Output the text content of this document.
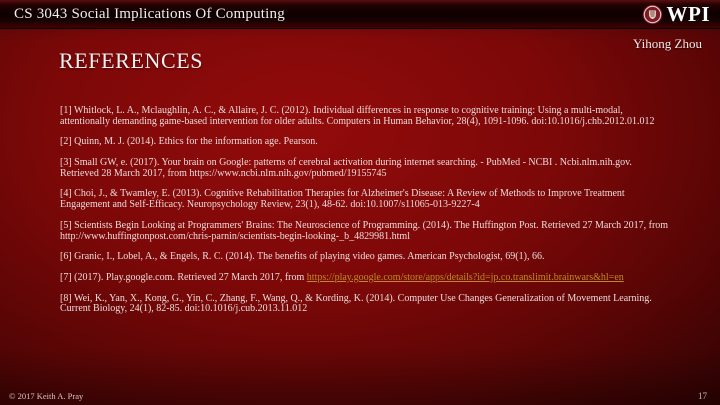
CS 3043 Social Implications Of Computing	WPI
Yihong Zhou
REFERENCES

[1] Whitlock, L. A., Mclaughlin, A. C., & Allaire, J. C. (2012). Individual differences in response to cognitive training: Using a multi-modal, attentionally demanding game-based intervention for older adults. Computers in Human Behavior, 28(4), 1091-1096. doi:10.1016/j.chb.2012.01.012

[2] Quinn, M. J. (2014). Ethics for the information age. Pearson.

[3] Small GW, e. (2017). Your brain on Google: patterns of cerebral activation during internet searching. - PubMed - NCBI . Ncbi.nlm.nih.gov. Retrieved 28 March 2017, from https://www.ncbi.nlm.nih.gov/pubmed/19155745

[4] Choi, J., & Twamley, E. (2013). Cognitive Rehabilitation Therapies for Alzheimer's Disease: A Review of Methods to Improve Treatment Engagement and Self-Efficacy. Neuropsychology Review, 23(1), 48-62. doi:10.1007/s11065-013-9227-4

[5] Scientists Begin Looking at Programmers' Brains: The Neuroscience of Programming. (2014). The Huffington Post. Retrieved 27 March 2017, from http://www.huffingtonpost.com/chris-parnin/scientists-begin-looking-_b_4829981.html

[6] Granic, I., Lobel, A., & Engels, R. C. (2014). The benefits of playing video games. American Psychologist, 69(1), 66.

[7] (2017). Play.google.com. Retrieved 27 March 2017, from https://play.google.com/store/apps/details?id=jp.co.translimit.brainwars&hl=en

[8] Wei, K., Yan, X., Kong, G., Yin, C., Zhang, F., Wang, Q., & Kording, K. (2014). Computer Use Changes Generalization of Movement Learning. Current Biology, 24(1), 82-85. doi:10.1016/j.cub.2013.11.012

© 2017 Keith A. Pray	17
